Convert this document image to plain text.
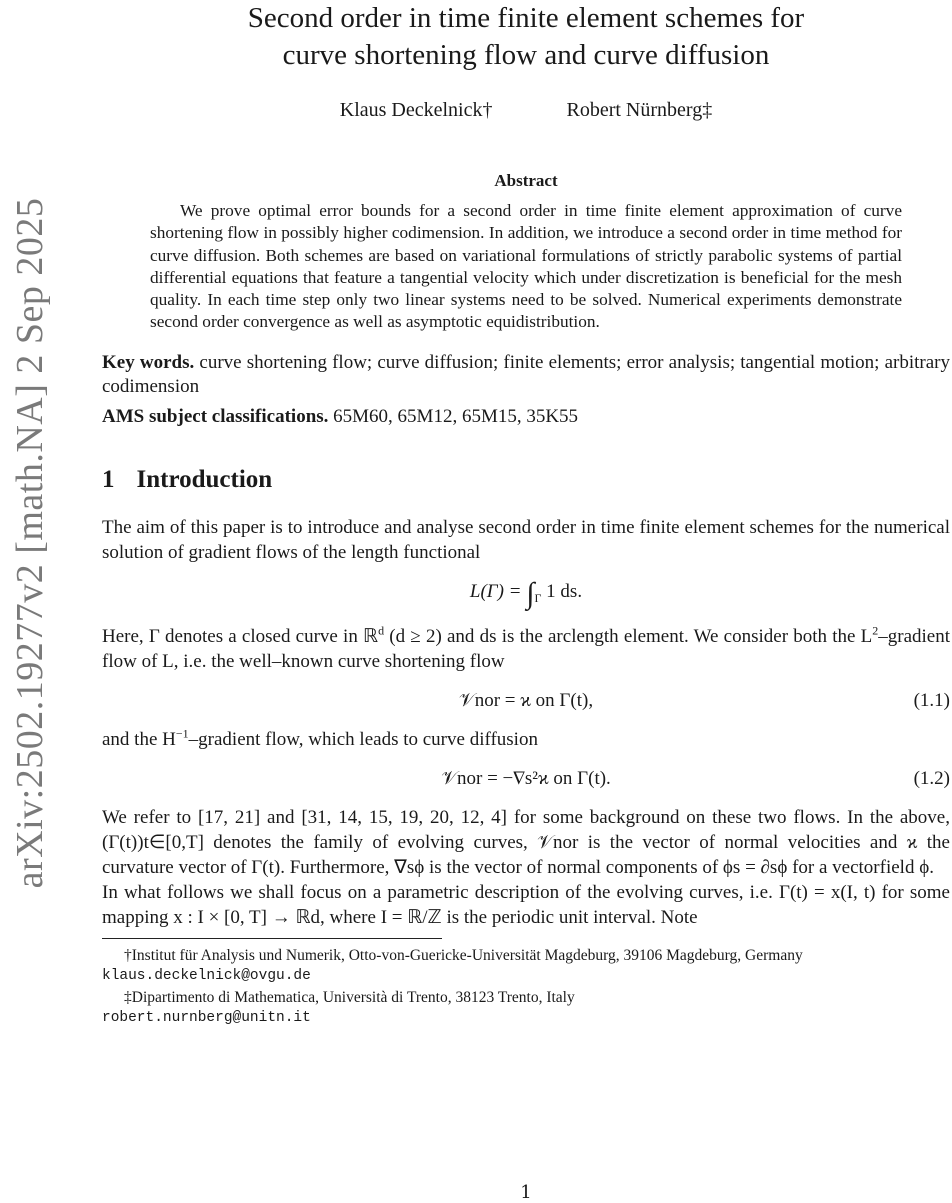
arXiv:2502.19277v2 [math.NA] 2 Sep 2025
Second order in time finite element schemes for
curve shortening flow and curve diffusion
Klaus Deckelnick†	Robert Nürnberg‡
Abstract
We prove optimal error bounds for a second order in time finite element approximation of curve shortening flow in possibly higher codimension. In addition, we introduce a second order in time method for curve diffusion. Both schemes are based on variational formulations of strictly parabolic systems of partial differential equations that feature a tangential velocity which under discretization is beneficial for the mesh quality. In each time step only two linear systems need to be solved. Numerical experiments demonstrate second order convergence as well as asymptotic equidistribution.
Key words. curve shortening flow; curve diffusion; finite elements; error analysis; tangential motion; arbitrary codimension
AMS subject classifications. 65M60, 65M12, 65M15, 35K55
1 Introduction

The aim of this paper is to introduce and analyse second order in time finite element schemes for the numerical solution of gradient flows of the length functional

$L(\Gamma) = \int_\Gamma$ 1 ds.

Here, Γ denotes a closed curve in ℝ$^d$ (d ≥ 2) and ds is the arclength element. We consider both the $L^2$–gradient flow of L, i.e. the well–known curve shortening flow

𝒱nor = ϰ on Γ(t),	(1.1)

and the $H^{-1}$–gradient flow, which leads to curve diffusion

𝒱nor = −∇s²ϰ on Γ(t).	(1.2)

We refer to [17, 21] and [31, 14, 15, 19, 20, 12, 4] for some background on these two flows. In the above, (Γ(t))t∈[0,T] denotes the family of evolving curves, 𝒱nor is the vector of normal velocities and ϰ the curvature vector of Γ(t). Furthermore, ∇sϕ is the vector of normal components of ϕs = ∂sϕ for a vectorfield ϕ.

In what follows we shall focus on a parametric description of the evolving curves, i.e. Γ(t) = x(I, t) for some mapping x : I × [0, T] → ℝd, where I = ℝ/ℤ is the periodic unit interval. Note

†Institut für Analysis und Numerik, Otto-von-Guericke-Universität Magdeburg, 39106 Magdeburg, Germany
klaus.deckelnick@ovgu.de
‡Dipartimento di Mathematica, Università di Trento, 38123 Trento, Italy
robert.nurnberg@unitn.it
1
